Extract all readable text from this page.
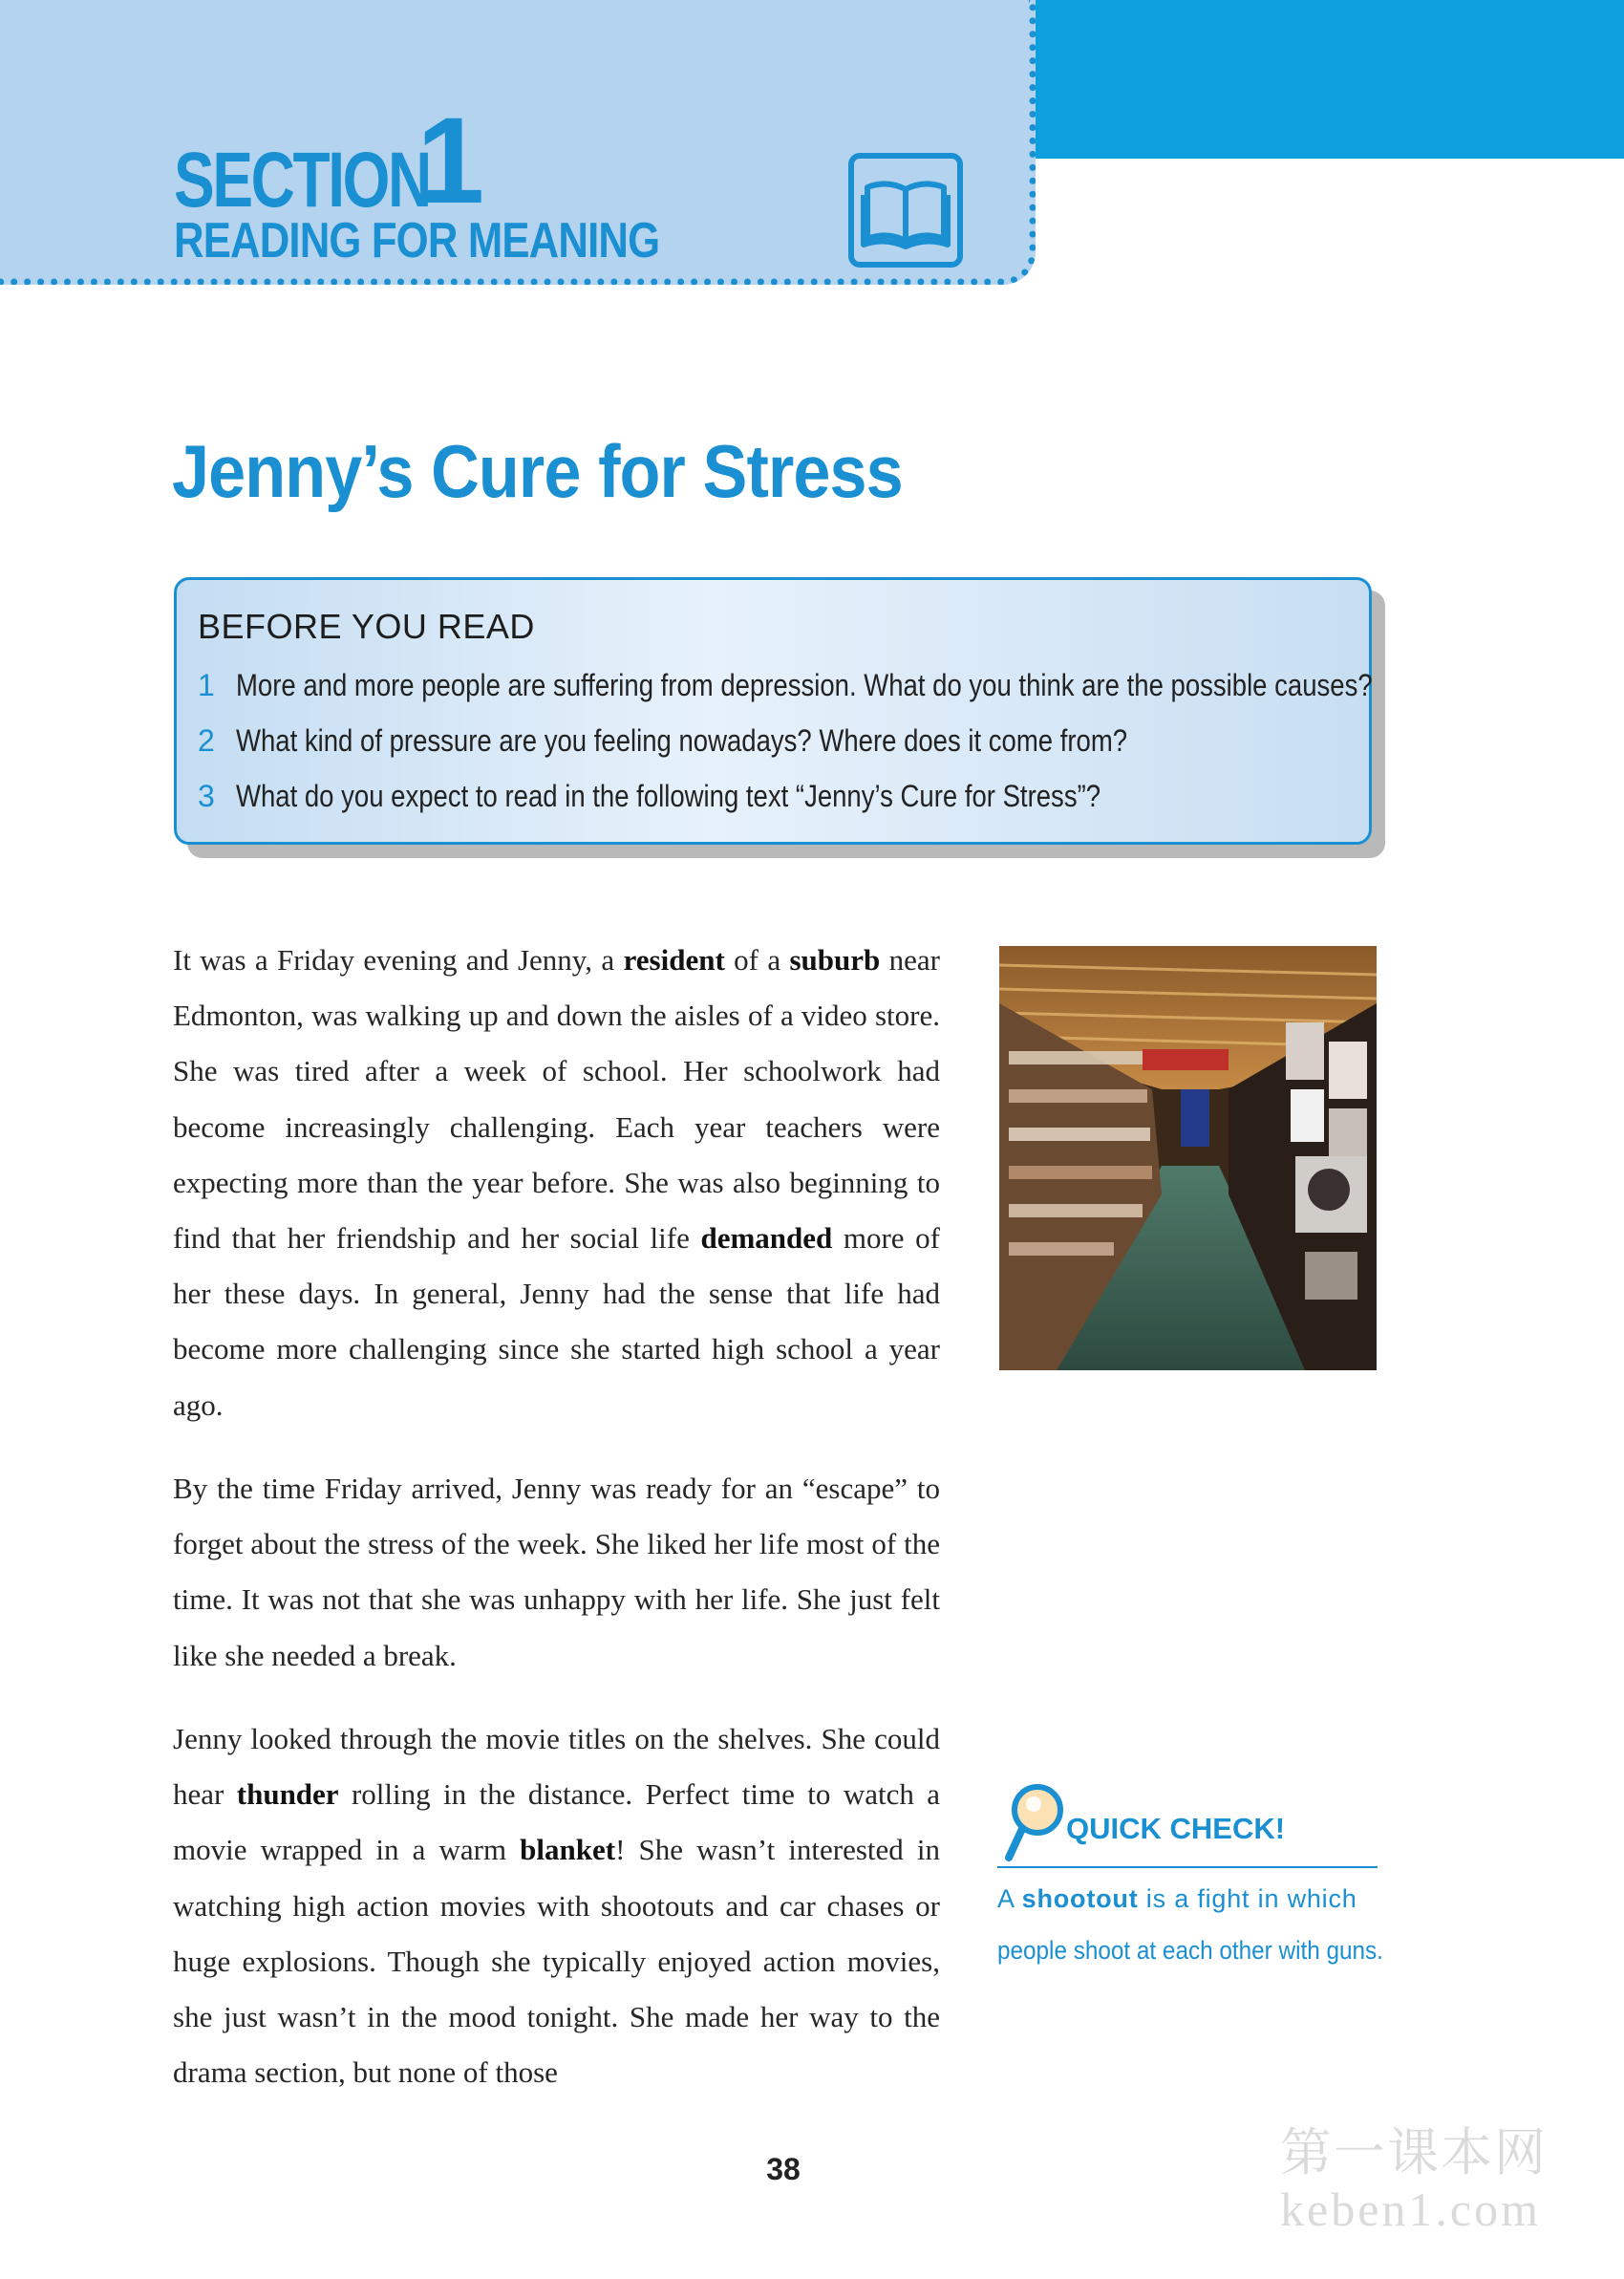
SECTION
1
READING FOR MEANING
Jenny’s Cure for Stress
BEFORE YOU READ
1 More and more people are suffering from depression. What do you think are the possible causes?
2 What kind of pressure are you feeling nowadays? Where does it come from?
3 What do you expect to read in the following text “Jenny’s Cure for Stress”?

It was a Friday evening and Jenny, a resident of a suburb near Edmonton, was walking up and down the aisles of a video store. She was tired after a week of school. Her schoolwork had become increasingly challenging. Each year teachers were expecting more than the year before. She was also beginning to find that her friendship and her social life demanded more of her these days. In general, Jenny had the sense that life had become more challenging since she started high school a year ago.

By the time Friday arrived, Jenny was ready for an “escape” to forget about the stress of the week. She liked her life most of the time. It was not that she was unhappy with her life. She just felt like she needed a break.

Jenny looked through the movie titles on the shelves. She could hear thunder rolling in the distance. Perfect time to watch a movie wrapped in a warm blanket! She wasn’t interested in watching high action movies with shootouts and car chases or huge explosions. Though she typically enjoyed action movies, she just wasn’t in the mood tonight. She made her way to the drama section, but none of those

QUICK CHECK!
A shootout is a fight in which
people shoot at each other with guns.
38	第一课本网
keben1.com
